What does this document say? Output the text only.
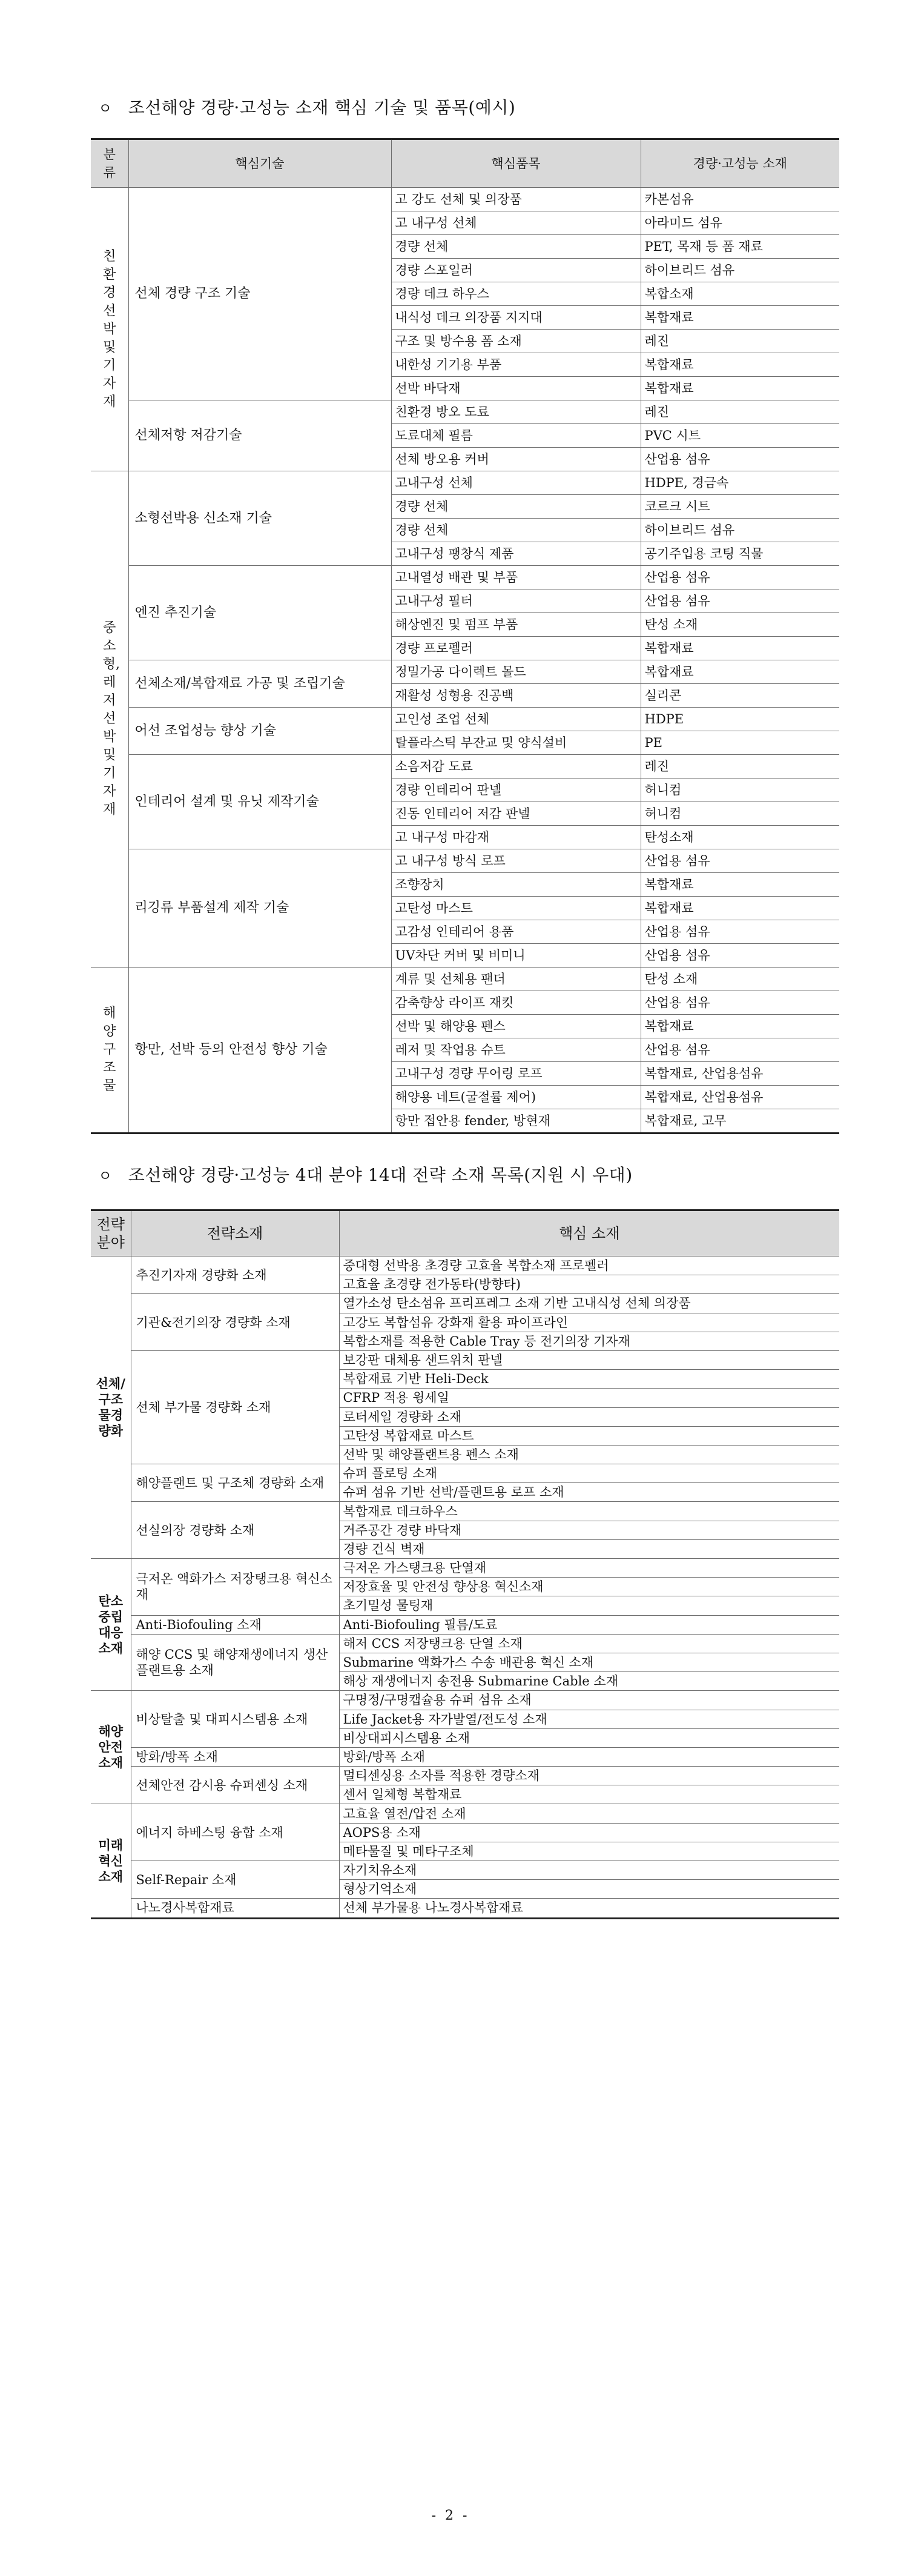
ㅇ 조선해양 경량·고성능 소재 핵심 기술 및 품목(예시)
분류	핵심기술	핵심품목	경량·고성능 소재

친환경선박및기자재	선체 경량 구조 기술	고 강도 선체 및 의장품	카본섬유
		고 내구성 선체	아라미드 섬유
		경량 선체	PET, 목재 등 폼 재료
		경량 스포일러	하이브리드 섬유
		경량 데크 하우스	복합소재
		내식성 데크 의장품 지지대	복합재료
		구조 및 방수용 폼 소재	레진
		내한성 기기용 부품	복합재료
		선박 바닥재	복합재료
	선체저항 저감기술	친환경 방오 도료	레진
		도료대체 필름	PVC 시트
		선체 방오용 커버	산업용 섬유

중소형,레저선박및기자재	소형선박용 신소재 기술	고내구성 선체	HDPE, 경금속
		경량 선체	코르크 시트
		경량 선체	하이브리드 섬유
		고내구성 팽창식 제품	공기주입용 코팅 직물
	엔진 추진기술	고내열성 배관 및 부품	산업용 섬유
		고내구성 필터	산업용 섬유
		해상엔진 및 펌프 부품	탄성 소재
		경량 프로펠러	복합재료
	선체소재/복합재료 가공 및 조립기술	정밀가공 다이렉트 몰드	복합재료
		재활성 성형용 진공백	실리콘
	어선 조업성능 향상 기술	고인성 조업 선체	HDPE
		탈플라스틱 부잔교 및 양식설비	PE
	인테리어 설계 및 유닛 제작기술	소음저감 도료	레진
		경량 인테리어 판넬	허니컴
		진동 인테리어 저감 판넬	허니컴
		고 내구성 마감재	탄성소재
	리깅류 부품설계 제작 기술	고 내구성 방식 로프	산업용 섬유
		조향장치	복합재료
		고탄성 마스트	복합재료
		고감성 인테리어 용품	산업용 섬유
		UV차단 커버 및 비미니	산업용 섬유

해양구조물	항만, 선박 등의 안전성 향상 기술	계류 및 선체용 팬더	탄성 소재
		감축향상 라이프 재킷	산업용 섬유
		선박 및 해양용 펜스	복합재료
		레저 및 작업용 슈트	산업용 섬유
		고내구성 경량 무어링 로프	복합재료, 산업용섬유
		해양용 네트(굴절률 제어)	복합재료, 산업용섬유
		항만 접안용 fender, 방현재	복합재료, 고무
ㅇ 조선해양 경량·고성능 4대 분야 14대 전략 소재 목록(지원 시 우대)
전략분야	전략소재	핵심 소재
선체/구조물경량화	추진기자재 경량화 소재	중대형 선박용 초경량 고효율 복합소재 프로펠러
		고효율 초경량 전가동타(방향타)
	기관&전기의장 경량화 소재	열가소성 탄소섬유 프리프레그 소재 기반 고내식성 선체 의장품
		고강도 복합섬유 강화재 활용 파이프라인
		복합소재를 적용한 Cable Tray 등 전기의장 기자재
	선체 부가물 경량화 소재	보강판 대체용 샌드위치 판넬
		복합재료 기반 Heli-Deck
		CFRP 적용 윙세일
		로터세일 경량화 소재
		고탄성 복합재료 마스트
		선박 및 해양플랜트용 펜스 소재
	해양플랜트 및 구조체 경량화 소재	슈퍼 플로팅 소재
		슈퍼 섬유 기반 선박/플랜트용 로프 소재
	선실의장 경량화 소재	복합재료 데크하우스
		거주공간 경량 바닥재
		경량 건식 벽재
탄소중립대응소재	극저온 액화가스 저장탱크용 혁신소재	극저온 가스탱크용 단열재
		저장효율 및 안전성 향상용 혁신소재
		초기밀성 물팅재
	Anti-Biofouling 소재	Anti-Biofouling 필름/도료
	해양 CCS 및 해양재생에너지 생산플랜트용 소재	해저 CCS 저장탱크용 단열 소재
		Submarine 액화가스 수송 배관용 혁신 소재
		해상 재생에너지 송전용 Submarine Cable 소재
해양안전소재	비상탈출 및 대피시스템용 소재	구명정/구명캡슐용 슈퍼 섬유 소재
		Life Jacket용 자가발열/전도성 소재
		비상대피시스템용 소재
	방화/방폭 소재	방화/방폭 소재
	선체안전 감시용 슈퍼센싱 소재	멀티센싱용 소자를 적용한 경량소재
		센서 일체형 복합재료
미래혁신소재	에너지 하베스팅 융합 소재	고효율 열전/압전 소재
		AOPS용 소재
		메타물질 및 메타구조체
	Self-Repair 소재	자기치유소재
		형상기억소재
	나노경사복합재료	선체 부가물용 나노경사복합재료
- 2 -
